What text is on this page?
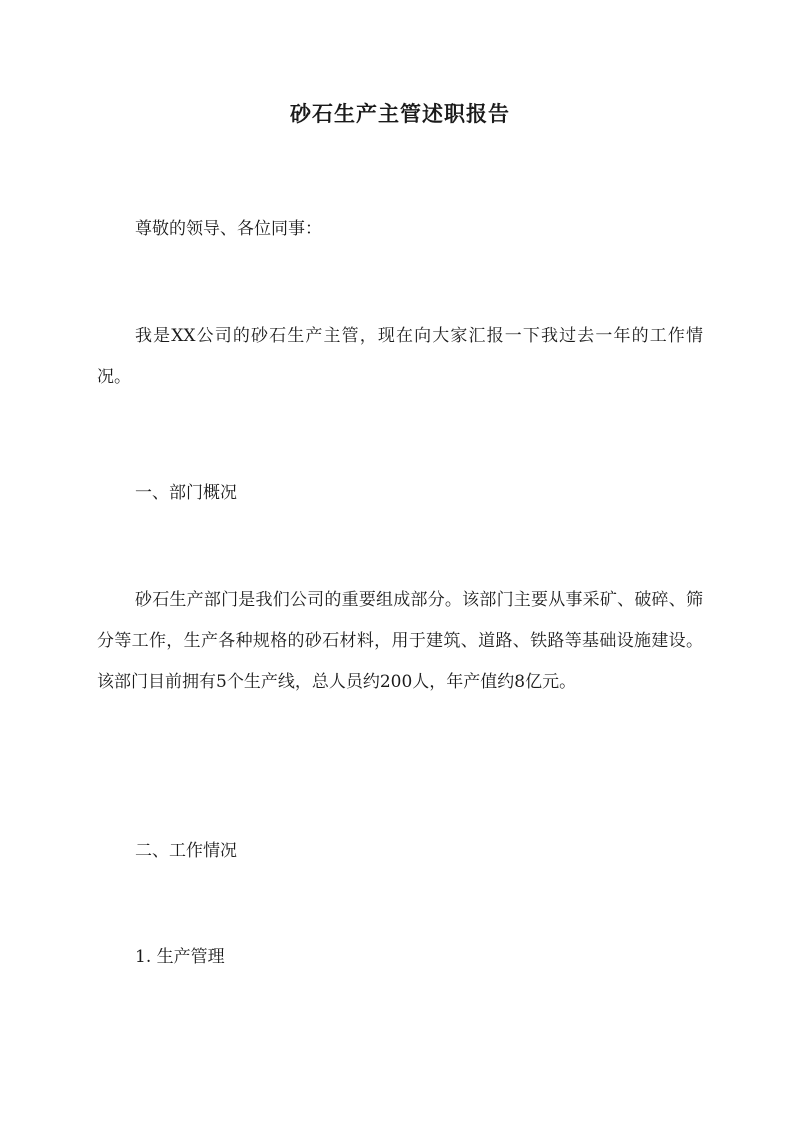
砂石生产主管述职报告

尊敬的领导、各位同事：

我是XX公司的砂石生产主管，现在向大家汇报一下我过去一年的工作情况。

一、部门概况

砂石生产部门是我们公司的重要组成部分。该部门主要从事采矿、破碎、筛分等工作，生产各种规格的砂石材料，用于建筑、道路、铁路等基础设施建设。该部门目前拥有5个生产线，总人员约200人，年产值约8亿元。

二、工作情况

1. 生产管理
